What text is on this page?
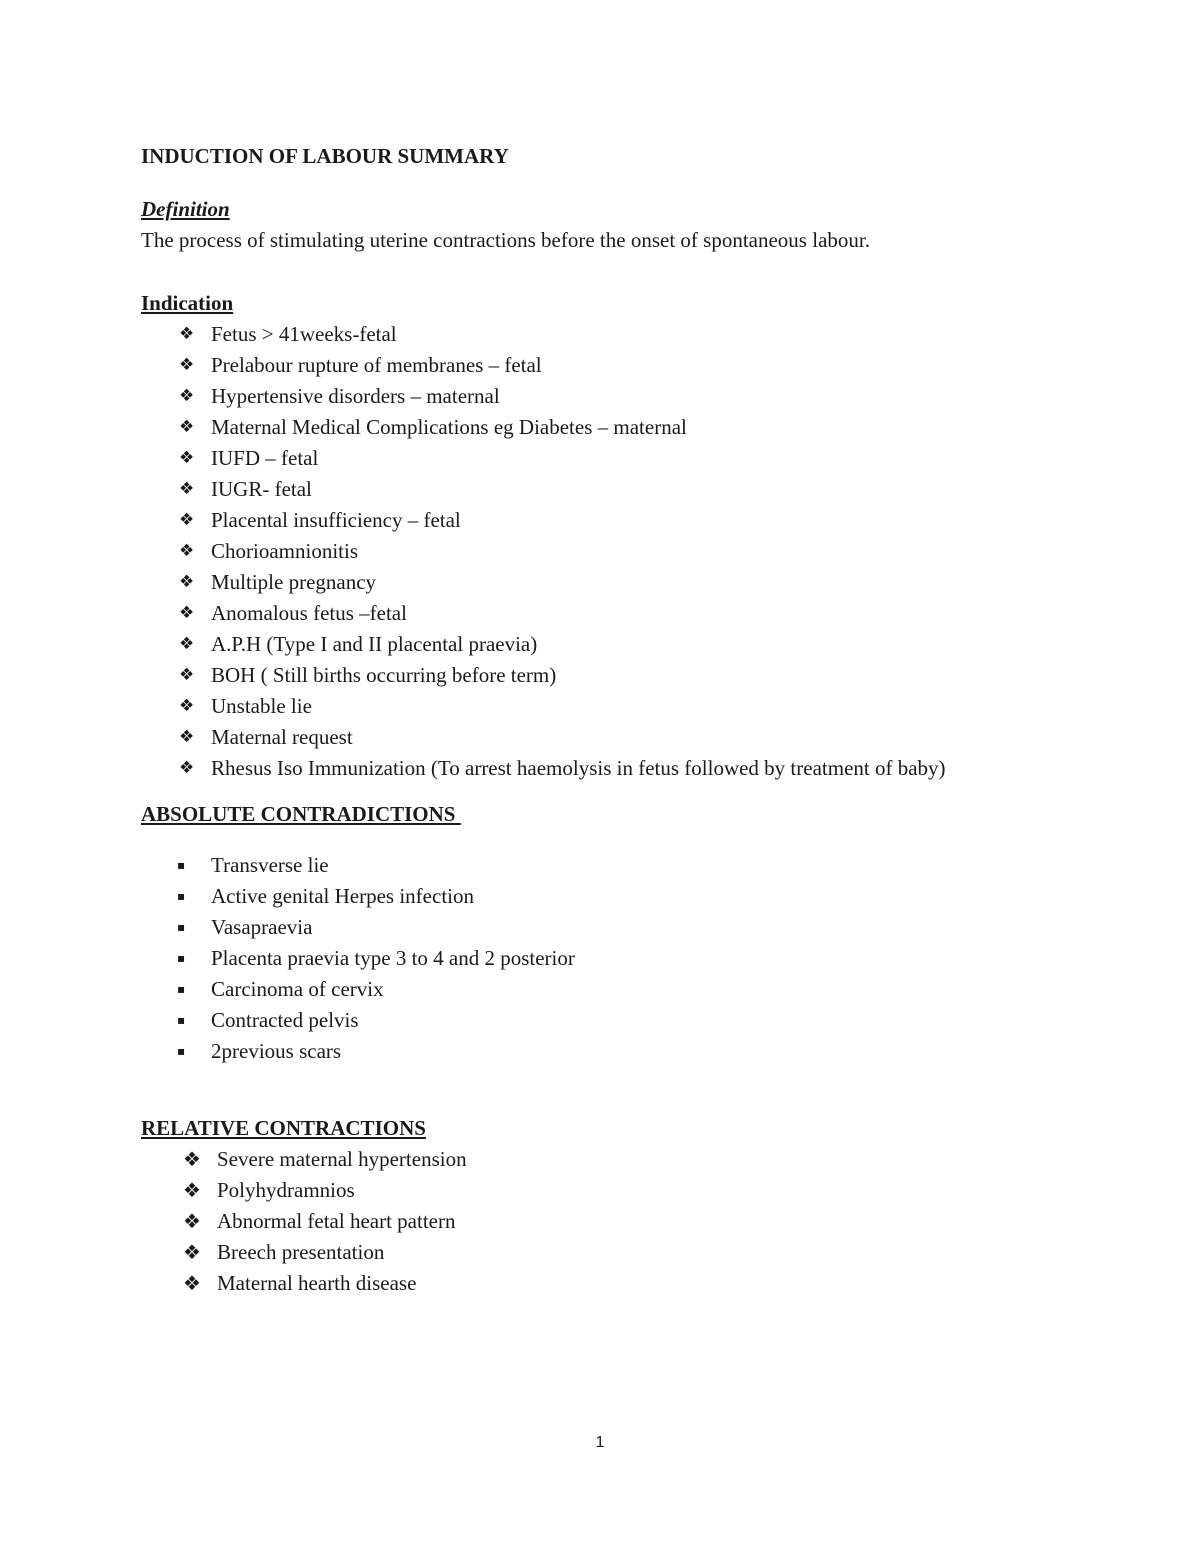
INDUCTION OF LABOUR SUMMARY

Definition

The process of stimulating uterine contractions before the onset of spontaneous labour.

Indication

❖ Fetus > 41weeks-fetal
❖ Prelabour rupture of membranes – fetal
❖ Hypertensive disorders – maternal
❖ Maternal Medical Complications eg Diabetes – maternal
❖ IUFD – fetal
❖ IUGR- fetal
❖ Placental insufficiency – fetal
❖ Chorioamnionitis
❖ Multiple pregnancy
❖ Anomalous fetus –fetal
❖ A.P.H (Type I and II placental praevia)
❖ BOH ( Still births occurring before term)
❖ Unstable lie
❖ Maternal request
❖ Rhesus Iso Immunization (To arrest haemolysis in fetus followed by treatment of baby)

ABSOLUTE CONTRADICTIONS

▪	Transverse lie
▪	Active genital Herpes infection
▪	Vasapraevia
▪	Placenta praevia type 3 to 4 and 2 posterior
▪	Carcinoma of cervix
▪	Contracted pelvis
▪	2previous scars

RELATIVE CONTRACTIONS

❖ Severe maternal hypertension
❖ Polyhydramnios
❖ Abnormal fetal heart pattern
❖ Breech presentation
❖ Maternal hearth disease
1
